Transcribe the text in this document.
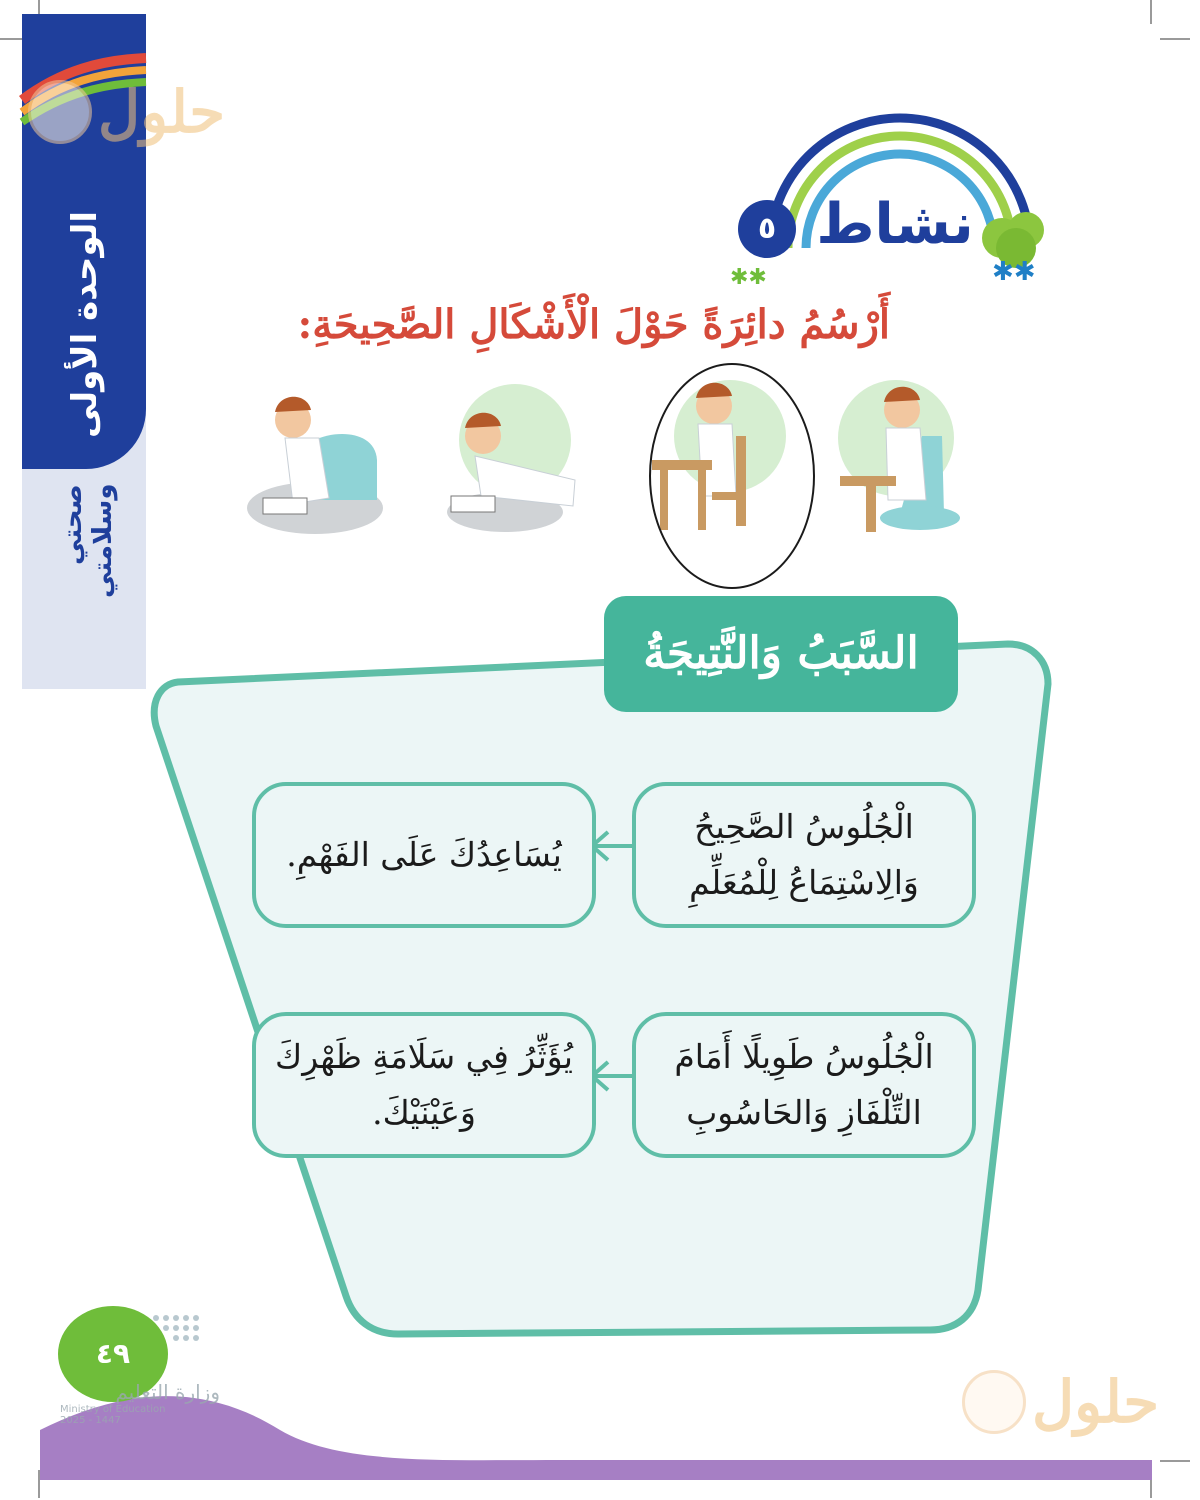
الوحدة الأولى
صحتي وسلامتي
حلول
حلول
✱✱
✱✱
نشاط
٥
أَرْسُمُ دائِرَةً حَوْلَ الْأَشْكَالِ الصَّحِيحَةِ:
السَّبَبُ وَالنَّتِيجَةُ
الْجُلُوسُ الصَّحِيحُ
وَالِاسْتِمَاعُ لِلْمُعَلِّمِ
يُسَاعِدُكَ عَلَى الفَهْمِ.
الْجُلُوسُ طَوِيلًا أَمَامَ
التِّلْفَازِ وَالحَاسُوبِ
يُؤَثِّرُ فِي سَلَامَةِ ظَهْرِكَ
وَعَيْنَيْكَ.
٤٩
وزارة التعليم
Ministry of Education
2025 - 1447
